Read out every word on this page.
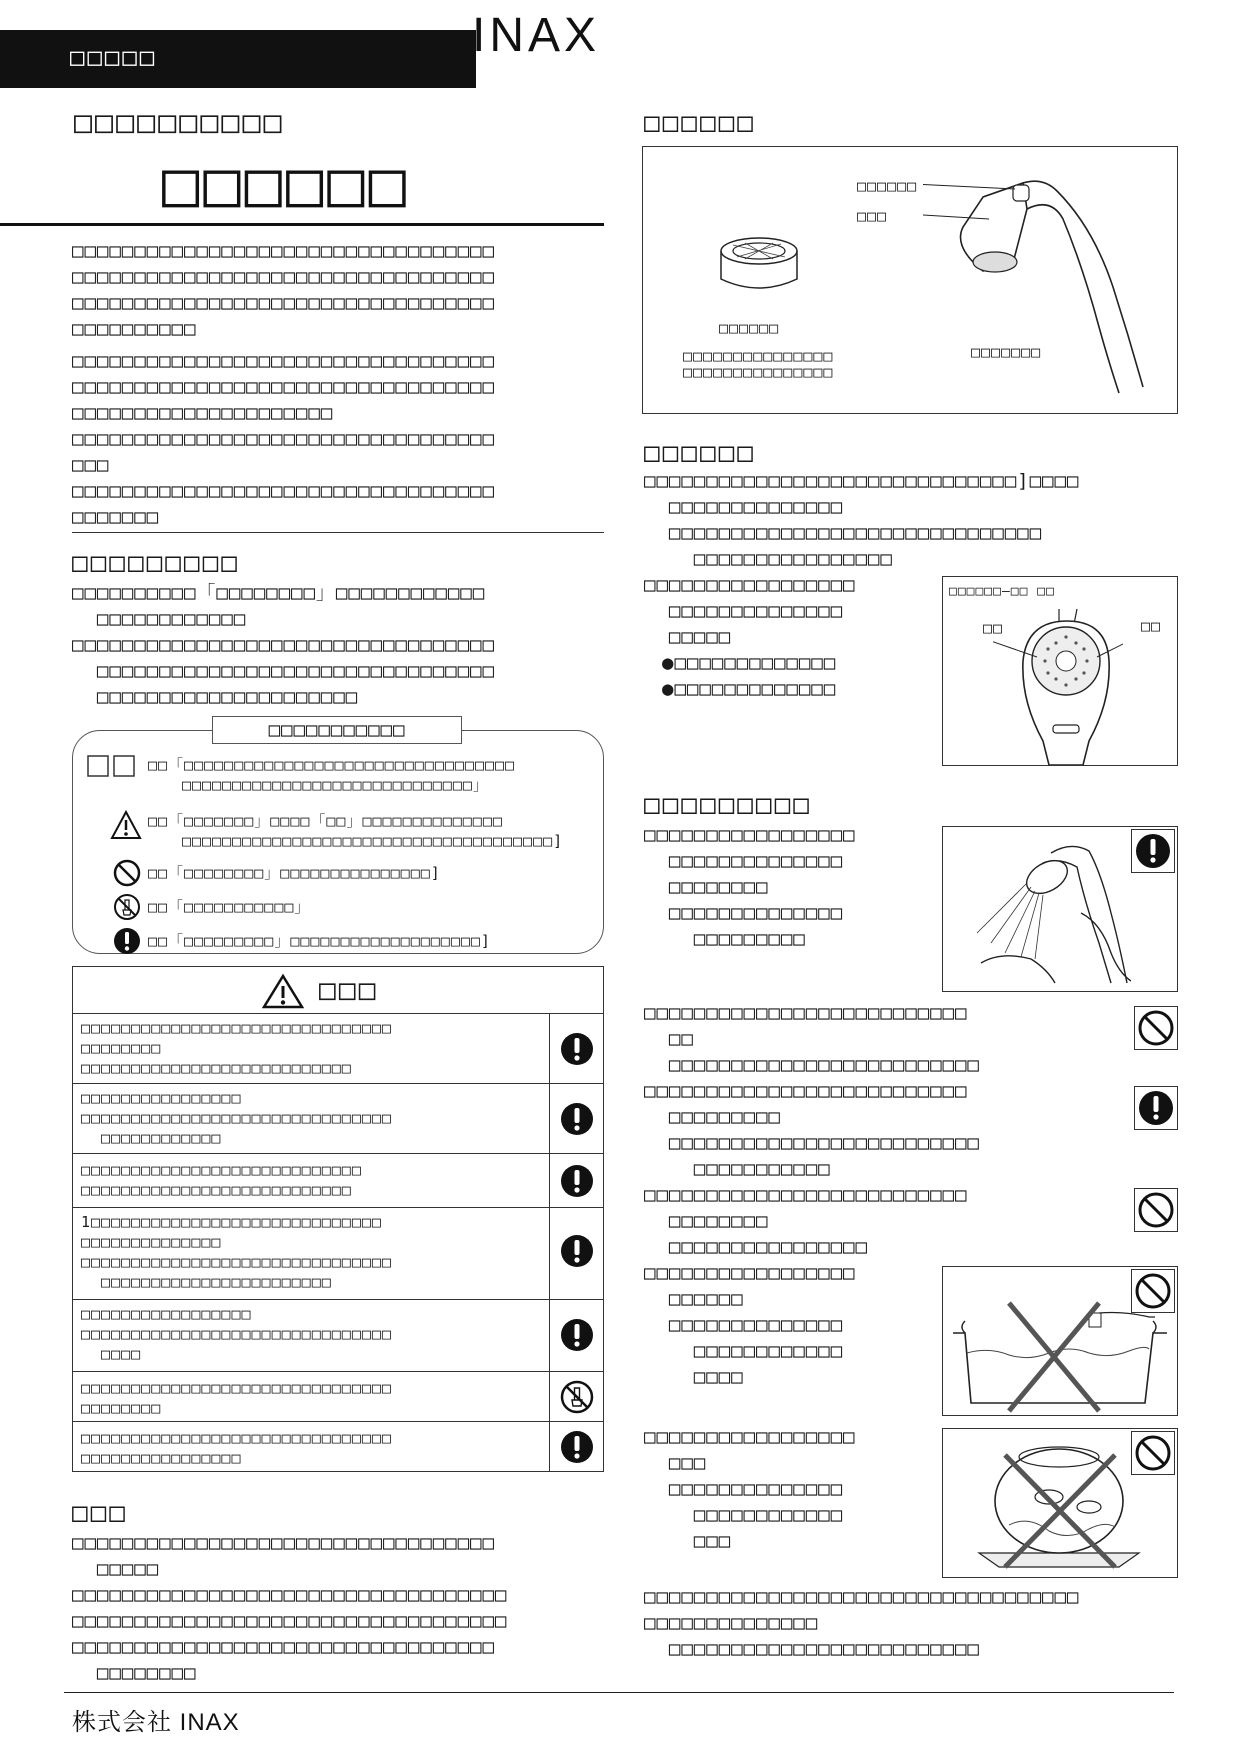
□□□□□	INAX
□□□□□□□□□□
□□□□□□
□□□□□□□□□□□□□□□□□□□□□□□□□□□□□□□□□□
□□□□□□□□□□□□□□□□□□□□□□□□□□□□□□□□□□
□□□□□□□□□□□□□□□□□□□□□□□□□□□□□□□□□□
□□□□□□□□□□
□□□□□□□□□□□□□□□□□□□□□□□□□□□□□□□□□□
□□□□□□□□□□□□□□□□□□□□□□□□□□□□□□□□□□
□□□□□□□□□□□□□□□□□□□□□
□□□□□□□□□□□□□□□□□□□□□□□□□□□□□□□□□□
□□□
□□□□□□□□□□□□□□□□□□□□□□□□□□□□□□□□□□
□□□□□□□
□□□□□□□□□
□□□□□□□□□□「□□□□□□□□」□□□□□□□□□□□□
□□□□□□□□□□□□
□□□□□□□□□□□□□□□□□□□□□□□□□□□□□□□□□□
□□□□□□□□□□□□□□□□□□□□□□□□□□□□□□□□
□□□□□□□□□□□□□□□□□□□□□
□□□□□□□□□□□
□□「□□□□□□□□□□□□□□□□□□□□□□□□□□□□□□□□□
□□□□□□□□□□□□□□□□□□□□□□□□□□□□□」
□□「□□□□□□□」□□□□「□□」□□□□□□□□□□□□□□
□□□□□□□□□□□□□□□□□□□□□□□□□□□□□□□□□□□□□]
□□「□□□□□□□□」□□□□□□□□□□□□□□□]
□□「□□□□□□□□□□□」
□□「□□□□□□□□□」□□□□□□□□□□□□□□□□□□□]
□□□
□□□□□□□□□□□□□□□□□□□□□□□□□□□□□□□
□□□□□□□□
□□□□□□□□□□□□□□□□□□□□□□□□□□□
□□□□□□□□□□□□□□□□
□□□□□□□□□□□□□□□□□□□□□□□□□□□□□□□
□□□□□□□□□□□□
□□□□□□□□□□□□□□□□□□□□□□□□□□□□
□□□□□□□□□□□□□□□□□□□□□□□□□□□
1□□□□□□□□□□□□□□□□□□□□□□□□□□□□□
□□□□□□□□□□□□□□
□□□□□□□□□□□□□□□□□□□□□□□□□□□□□□□
□□□□□□□□□□□□□□□□□□□□□□□
□□□□□□□□□□□□□□□□□
□□□□□□□□□□□□□□□□□□□□□□□□□□□□□□□
□□□□
□□□□□□□□□□□□□□□□□□□□□□□□□□□□□□□
□□□□□□□□
□□□□□□□□□□□□□□□□□□□□□□□□□□□□□□□
□□□□□□□□□□□□□□□□
□□□
□□□□□□□□□□□□□□□□□□□□□□□□□□□□□□□□□□
□□□□□
□□□□□□□□□□□□□□□□□□□□□□□□□□□□□□□□□□□
□□□□□□□□□□□□□□□□□□□□□□□□□□□□□□□□□□□
□□□□□□□□□□□□□□□□□□□□□□□□□□□□□□□□□□
□□□□□□□□
□□□□□□
□□□□□□
□□□□□□□□□□□□□□□
□□□□□□□□□□□□□□□
□□□□□□
□□□
□□□□□□□
□□□□□□
□□□□□□□□□□□□□□□□□□□□□□□□□□□□□□]□□□□
□□□□□□□□□□□□□□
□□□□□□□□□□□□□□□□□□□□□□□□□□□□□□
□□□□□□□□□□□□□□□□
□□□□□□□□□□□□□□□□□
□□□□□□□□□□□□□□
□□□□□
●□□□□□□□□□□□□□
●□□□□□□□□□□□□□
□□□□□□—□□ □□
□□	□□
□□□□□□□□□
□□□□□□□□□□□□□□□□□
□□□□□□□□□□□□□□
□□□□□□□□
□□□□□□□□□□□□□□
□□□□□□□□□
□□□□□□□□□□□□□□□□□□□□□□□□□□
□□
□□□□□□□□□□□□□□□□□□□□□□□□□
□□□□□□□□□□□□□□□□□□□□□□□□□□
□□□□□□□□□
□□□□□□□□□□□□□□□□□□□□□□□□□
□□□□□□□□□□□
□□□□□□□□□□□□□□□□□□□□□□□□□□
□□□□□□□□
□□□□□□□□□□□□□□□□
□□□□□□□□□□□□□□□□□
□□□□□□
□□□□□□□□□□□□□□
□□□□□□□□□□□□
□□□□
□□□□□□□□□□□□□□□□□
□□□
□□□□□□□□□□□□□□
□□□□□□□□□□□□
□□□
□□□□□□□□□□□□□□□□□□□□□□□□□□□□□□□□□□□
□□□□□□□□□□□□□□
□□□□□□□□□□□□□□□□□□□□□□□□□
株式会社 INAX
